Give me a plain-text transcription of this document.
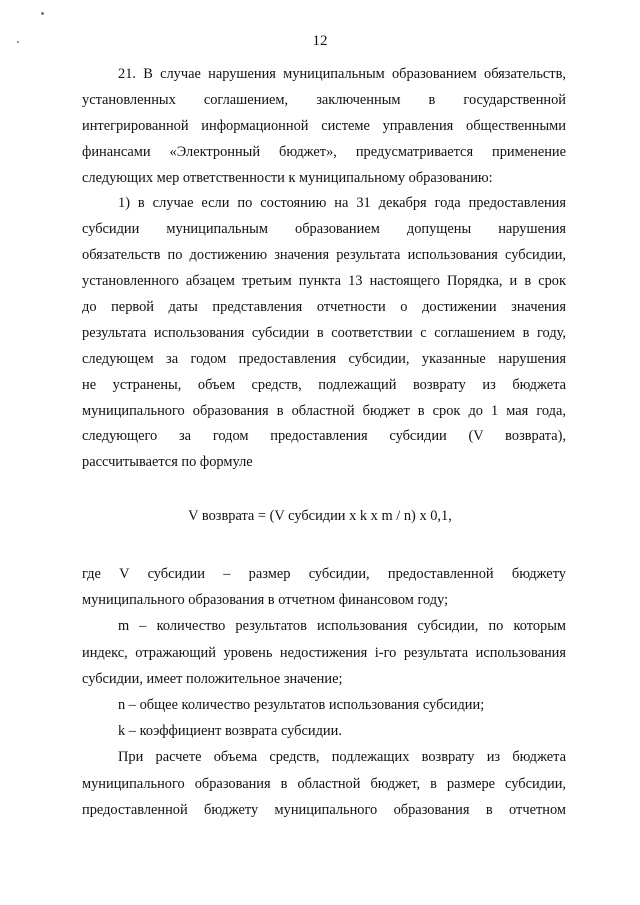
12
21. В случае нарушения муниципальным образованием обязательств,
установленных соглашением, заключенным в государственной
интегрированной информационной системе управления общественными
финансами «Электронный бюджет», предусматривается применение
следующих мер ответственности к муниципальному образованию:
1) в случае если по состоянию на 31 декабря года предоставления
субсидии муниципальным образованием допущены нарушения
обязательств по достижению значения результата использования субсидии,
установленного абзацем третьим пункта 13 настоящего Порядка, и в срок
до первой даты представления отчетности о достижении значения
результата использования субсидии в соответствии с соглашением в году,
следующем за годом предоставления субсидии, указанные нарушения
не устранены, объем средств, подлежащий возврату из бюджета
муниципального образования в областной бюджет в срок до 1 мая года,
следующего за годом предоставления субсидии (V возврата),
рассчитывается по формуле
V возврата = (V субсидии x k x m / n) x 0,1,
где V субсидии – размер субсидии, предоставленной бюджету
муниципального образования в отчетном финансовом году;
m – количество результатов использования субсидии, по которым
индекс, отражающий уровень недостижения i-го результата использования
субсидии, имеет положительное значение;
n – общее количество результатов использования субсидии;
k – коэффициент возврата субсидии.
При расчете объема средств, подлежащих возврату из бюджета
муниципального образования в областной бюджет, в размере субсидии,
предоставленной бюджету муниципального образования в отчетном
